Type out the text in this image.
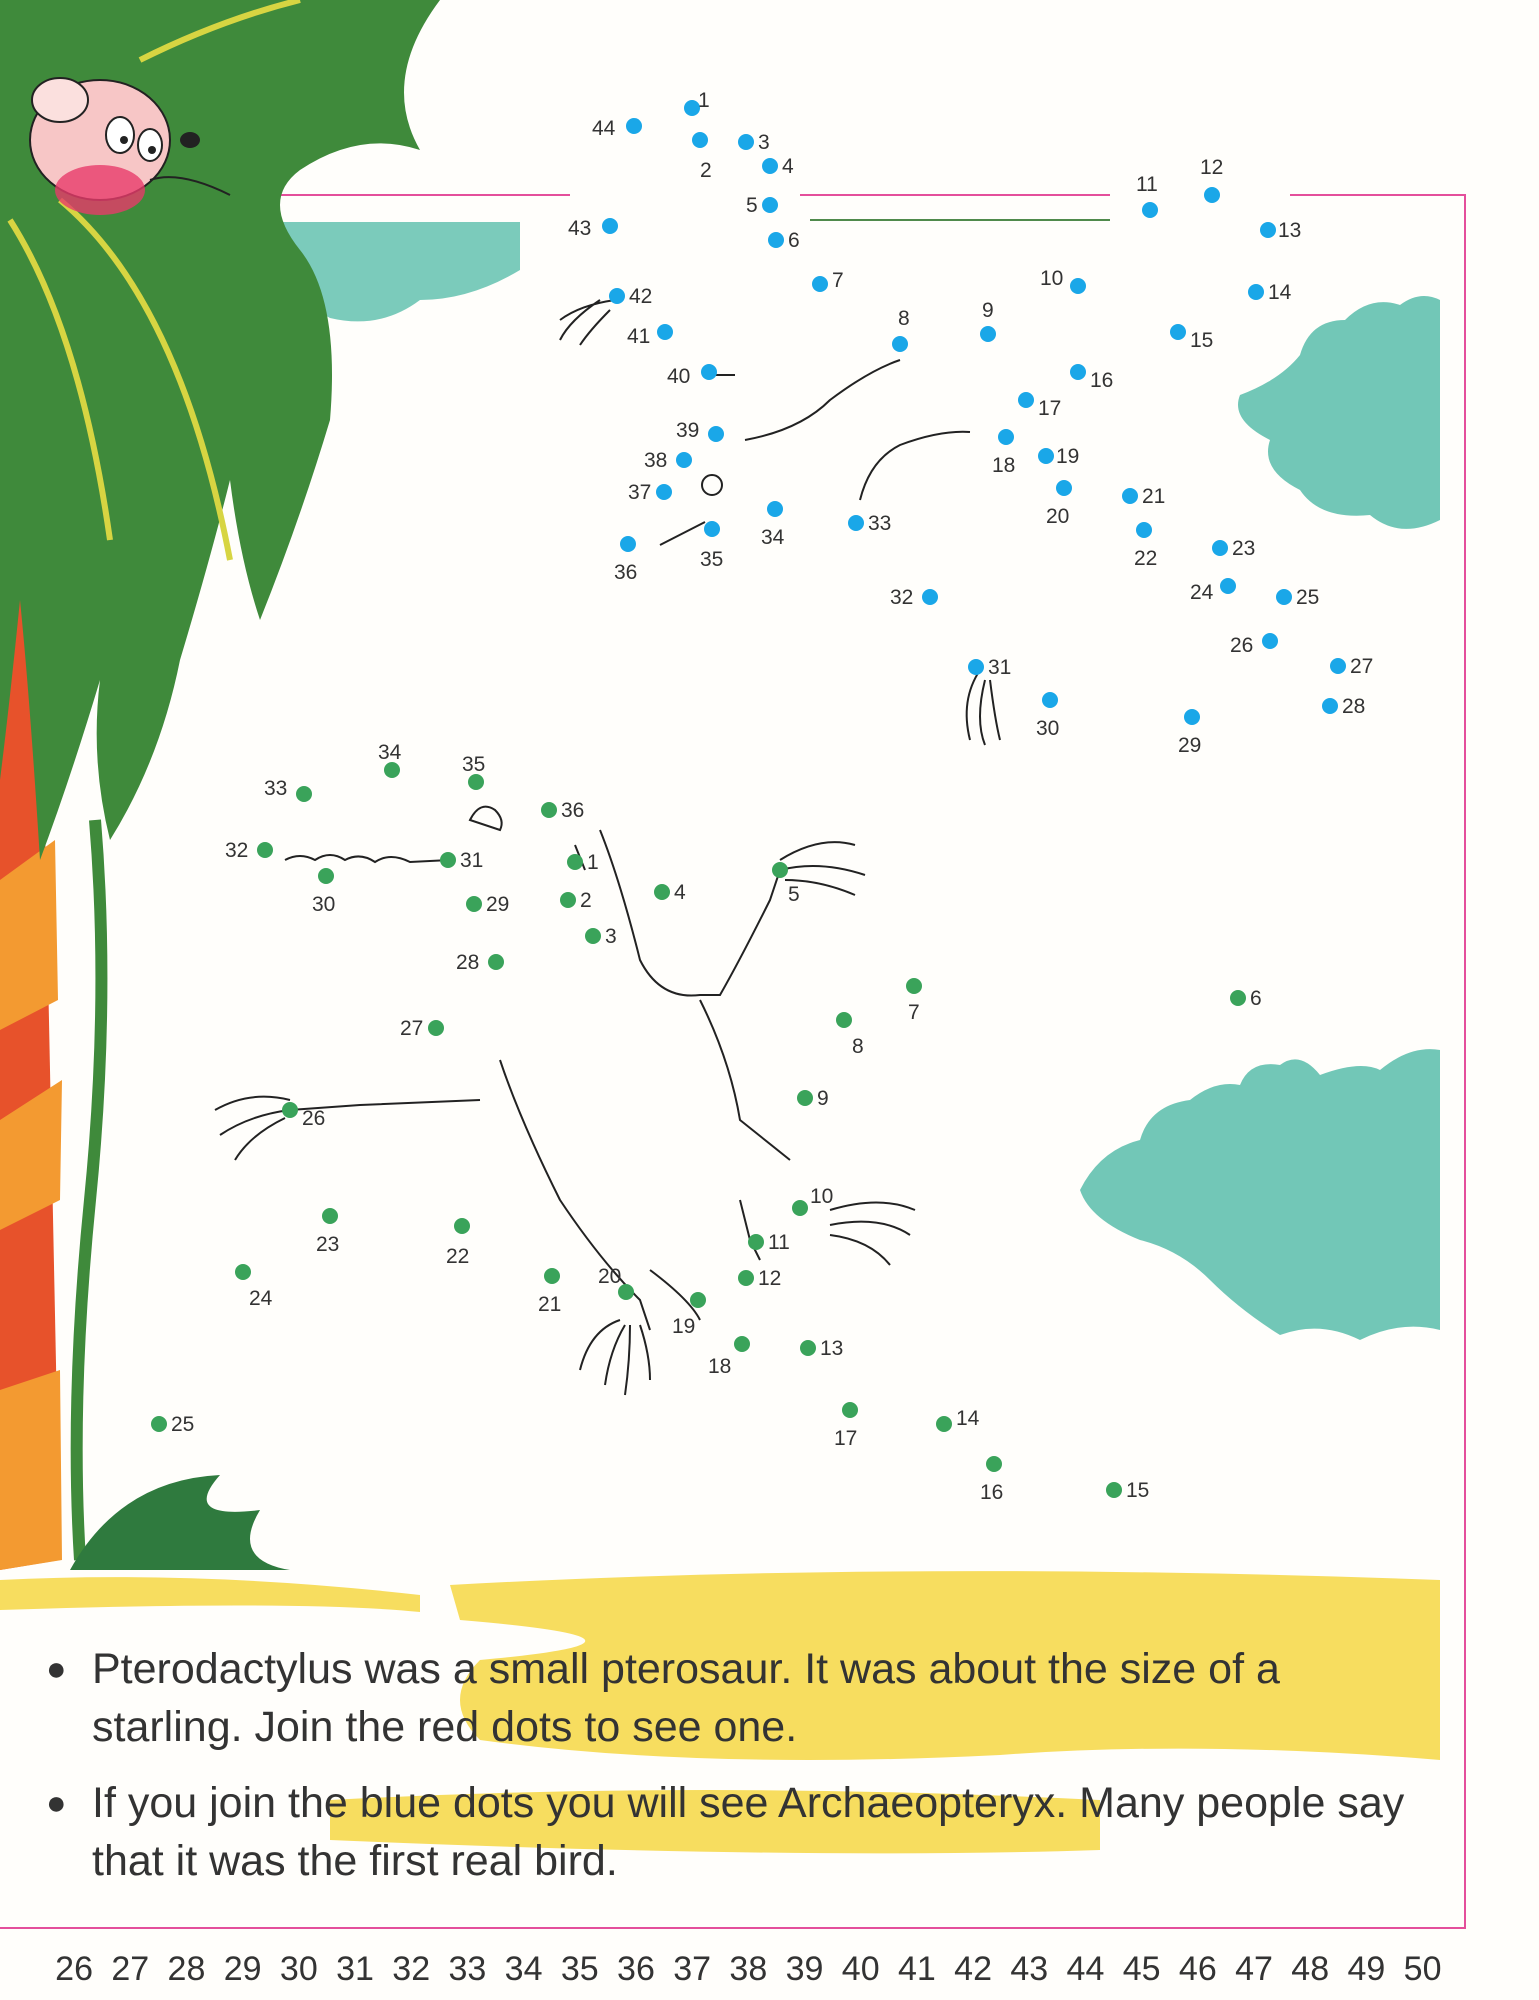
1
2
3
4
5
6
7
8	9
10
11
12
13
14
15
16
17
18 19
20
21
22	23
24	25
26
27
28
29
30
31
32
33
34
35
36
37
38
39
40
41
42
43
44
1
2
3
4	5
6
7
8
9
10
11
12
13
14
15
16
17
18
19
20
21
22
23
24
25
26
27
28
29
30
31
32
33
34
35
36
● Pterodactylus was a small pterosaur. It was about the size of a starling. Join the red dots to see one.
● If you join the blue dots you will see Archaeopteryx. Many people say that it was the first real bird.
26 27 28 29 30 31 32 33 34 35 36 37 38 39 40 41 42 43 44 45 46 47 48 49 50
